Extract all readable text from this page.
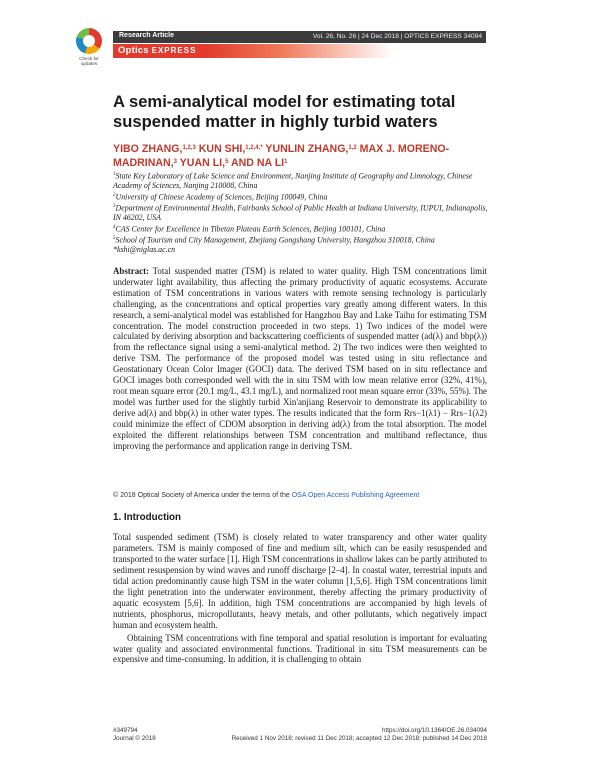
Check for updates
Research Article	Vol. 26, No. 26 | 24 Dec 2018 | OPTICS EXPRESS 34094
Optics EXPRESS
A semi-analytical model for estimating total suspended matter in highly turbid waters
YIBO ZHANG,$^{1,2,3}$ KUN SHI,$^{1,2,4,*}$ YUNLIN ZHANG,$^{1,2}$ MAX J. MORENO-MADRINAN,$^3$ YUAN LI,$^5$ AND NA $LI^1$
$^1$State Key Laboratory of Lake Science and Environment, Nanjing Institute of Geography and Limnology, Chinese Academy of Sciences, Nanjing 210008, China
$^2$University of Chinese Academy of Sciences, Beijing 100049, China
$^3$Department of Environmental Health, Fairbanks School of Public Health at Indiana University, IUPUI, Indianapolis, IN 46202, USA
$^4$CAS Center for Excellence in Tibetan Plateau Earth Sciences, Beijing 100101, China
$^5$School of Tourism and City Management, Zhejiang Gongshang University, Hangzhou 310018, China
*kshi@niglas.ac.cn
Abstract: Total suspended matter (TSM) is related to water quality. High TSM concentrations limit underwater light availability, thus affecting the primary productivity of aquatic ecosystems. Accurate estimation of TSM concentrations in various waters with remote sensing technology is particularly challenging, as the concentrations and optical properties vary greatly among different waters. In this research, a semi-analytical model was established for Hangzhou Bay and Lake Taihu for estimating TSM concentration. The model construction proceeded in two steps. 1) Two indices of the model were calculated by deriving absorption and backscattering coefficients of suspended matter (ad(λ) and bbp(λ)) from the reflectance signal using a semi-analytical method. 2) The two indices were then weighted to derive TSM. The performance of the proposed model was tested using in situ reflectance and Geostationary Ocean Color Imager (GOCI) data. The derived TSM based on in situ reflectance and GOCI images both corresponded well with the in situ TSM with low mean relative error (32%, 41%), root mean square error (20.1 mg/L, 43.1 mg/L), and normalized root mean square error (33%, 55%). The model was further used for the slightly turbid Xin'anjiang Reservoir to demonstrate its applicability to derive ad(λ) and bbp(λ) in other water types. The results indicated that the form Rrs−1(λ1) − Rrs−1(λ2) could minimize the effect of CDOM absorption in deriving ad(λ) from the total absorption. The model exploited the different relationships between TSM concentration and multiband reflectance, thus improving the performance and application range in deriving TSM.
© 2018 Optical Society of America under the terms of the OSA Open Access Publishing Agreement
1. Introduction

Total suspended sediment (TSM) is closely related to water transparency and other water quality parameters. TSM is mainly composed of fine and medium silt, which can be easily resuspended and transported to the water surface [1]. High TSM concentrations in shallow lakes can be partly attributed to sediment resuspension by wind waves and runoff discharge [2–4]. In coastal water, terrestrial inputs and tidal action predominantly cause high TSM in the water column [1,5,6]. High TSM concentrations limit the light penetration into the underwater environment, thereby affecting the primary productivity of aquatic ecosystem [5,6]. In addition, high TSM concentrations are accompanied by high levels of nutrients, phosphorus, micropollutants, heavy metals, and other pollutants, which negatively impact human and ecosystem health.

Obtaining TSM concentrations with fine temporal and spatial resolution is important for evaluating water quality and associated environmental functions. Traditional in situ TSM measurements can be expensive and time-consuming. In addition, it is challenging to obtain

#349794	https://doi.org/10.1364/OE.26.034094
Journal © 2018	Received 1 Nov 2018; revised 11 Dec 2018; accepted 12 Dec 2018; published 14 Dec 2018
